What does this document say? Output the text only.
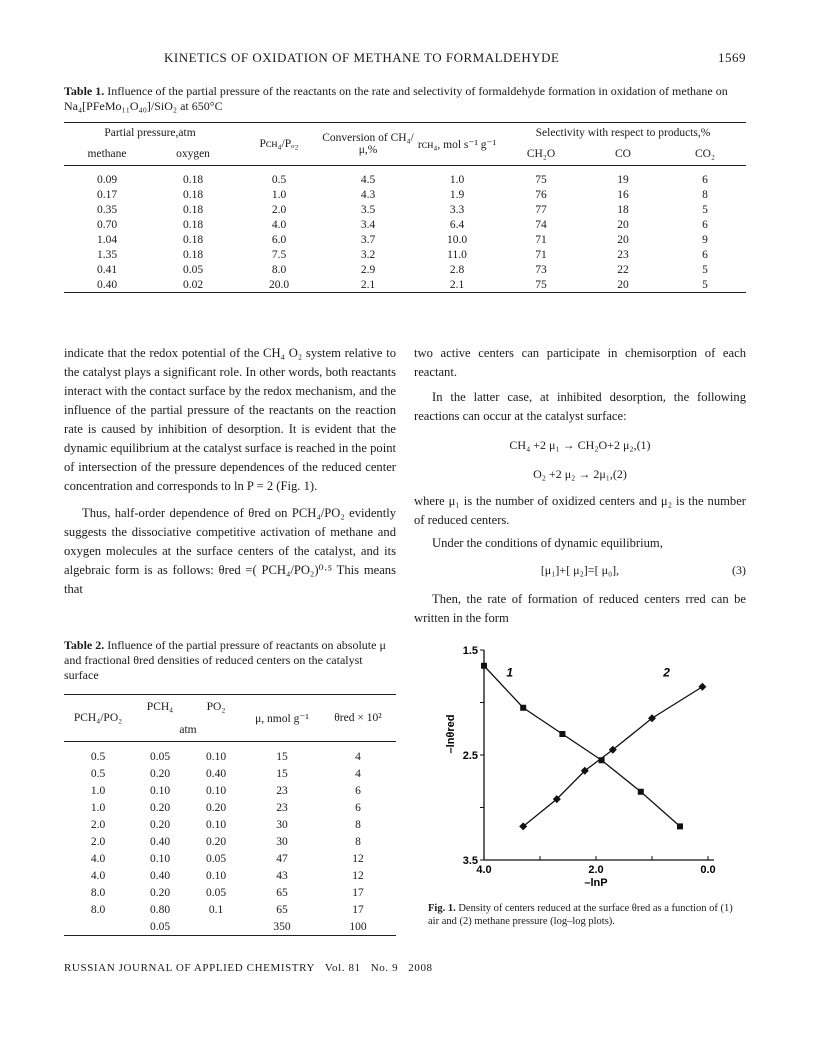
KINETICS OF OXIDATION OF METHANE TO FORMALDEHYDE	1569
Table 1. Influence of the partial pressure of the reactants on the rate and selectivity of formaldehyde formation in oxidation of methane on Na₄[PFeMo₁₁O₄₀]/SiO₂ at 650°C
Partial pressure,atm		Pᴄʜ₄/Pₒ₂	Conversion of CH₄/μ,%	rᴄʜ₄, mol s⁻¹ g⁻¹	Selectivity with respect to products,%		
methane	oxygen				CH₂O	CO	CO₂
0.09	0.18	0.5	4.5	1.0	75	19	6
0.17	0.18	1.0	4.3	1.9	76	16	8
0.35	0.18	2.0	3.5	3.3	77	18	5
0.70	0.18	4.0	3.4	6.4	74	20	6
1.04	0.18	6.0	3.7	10.0	71	20	9
1.35	0.18	7.5	3.2	11.0	71	23	6
0.41	0.05	8.0	2.9	2.8	73	22	5
0.40	0.02	20.0	2.1	2.1	75	20	5
indicate that the redox potential of the CH₄ O₂ system relative to the catalyst plays a significant role. In other words, both reactants interact with the contact surface by the redox mechanism, and the influence of the partial pressure of the reactants on the reaction rate is caused by inhibition of desorption. It is evident that the dynamic equilibrium at the catalyst surface is reached in the point of intersection of the pressure dependences of the reduced center concentration and corresponds to ln P = 2 (Fig. 1).
Thus, half-order dependence of θred on PCH₄/PO₂ evidently suggests the dissociative competitive activation of methane and oxygen molecules at the surface centers of the catalyst, and its algebraic form is as follows: θred =( PCH₄/PO₂)⁰·⁵ This means that
two active centers can participate in chemisorption of each reactant.
In the latter case, at inhibited desorption, the following reactions can occur at the catalyst surface:
CH₄ +2 μ₁ → CH₂O+2 μ₂,(1)
O₂ +2 μ₂ → 2μ₁,(2)
where μ₁ is the number of oxidized centers and μ₂ is the number of reduced centers.
Under the conditions of dynamic equilibrium,
[μ₁]+[ μ₂]=[ μ₀],	(3)
Then, the rate of formation of reduced centers rred can be written in the form
Table 2. Influence of the partial pressure of reactants on absolute μ and fractional θred densities of reduced centers on the catalyst surface
PCH₄/PO₂	PCH₄	PO₂	μ, nmol g⁻¹	θred × 10²
	atm			
0.5	0.05	0.10	15	4
0.5	0.20	0.40	15	4
1.0	0.10	0.10	23	6
1.0	0.20	0.20	23	6
2.0	0.20	0.10	30	8
2.0	0.40	0.20	30	8
4.0	0.10	0.05	47	12
4.0	0.40	0.10	43	12
8.0	0.20	0.05	65	17
8.0	0.80	0.1	65	17
	0.05		350	100
1.5
2.5
3.5
4.0	2.0	0.0
–lnP
–lnθred
1	2
Fig. 1. Density of centers reduced at the surface θred as a function of (1) air and (2) methane pressure (log–log plots).
RUSSIAN JOURNAL OF APPLIED CHEMISTRY Vol. 81 No. 9 2008
